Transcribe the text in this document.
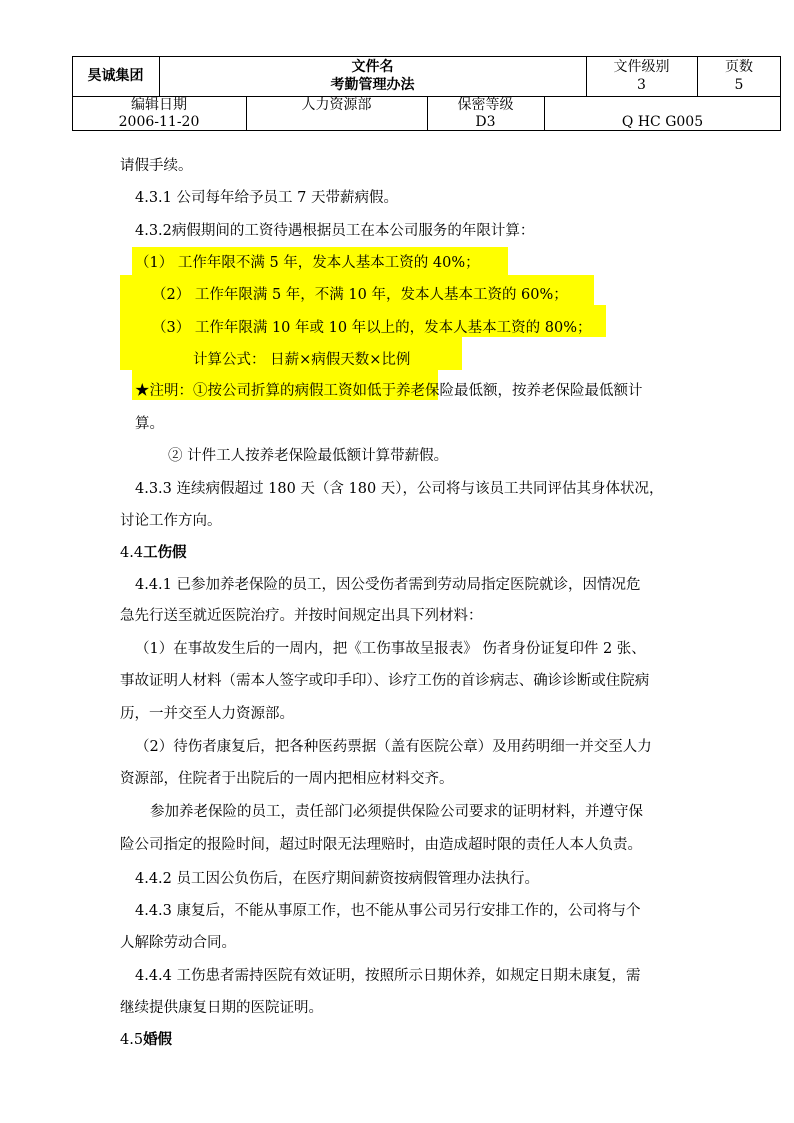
昊诚集团
文件名
考勤管理办法
文件级别
3
页数
5
编辑日期
2006-11-20
人力资源部	保密等级
D3	Q HC G005
请假手续。
4.3.1 公司每年给予员工 7 天带薪病假。
4.3.2病假期间的工资待遇根据员工在本公司服务的年限计算：
（1） 工作年限不满 5 年，发本人基本工资的 40%；
（2） 工作年限满 5 年，不满 10 年，发本人基本工资的 60%；
（3） 工作年限满 10 年或 10 年以上的，发本人基本工资的 80%；
计算公式： 日薪×病假天数×比例
★注明：①按公司折算的病假工资如低于养老保险最低额，按养老保险最低额计
算。
② 计件工人按养老保险最低额计算带薪假。
4.3.3 连续病假超过 180 天（含 180 天），公司将与该员工共同评估其身体状况，
讨论工作方向。
4.4工伤假
4.4.1 已参加养老保险的员工，因公受伤者需到劳动局指定医院就诊，因情况危
急先行送至就近医院治疗。并按时间规定出具下列材料：
（1）在事故发生后的一周内，把《工伤事故呈报表》 伤者身份证复印件 2 张、
事故证明人材料（需本人签字或印手印）、诊疗工伤的首诊病志、确诊诊断或住院病
历，一并交至人力资源部。
（2）待伤者康复后，把各种医药票据（盖有医院公章）及用药明细一并交至人力
资源部，住院者于出院后的一周内把相应材料交齐。
参加养老保险的员工，责任部门必须提供保险公司要求的证明材料，并遵守保
险公司指定的报险时间，超过时限无法理赔时，由造成超时限的责任人本人负责。
4.4.2 员工因公负伤后，在医疗期间薪资按病假管理办法执行。
4.4.3 康复后，不能从事原工作，也不能从事公司另行安排工作的，公司将与个
人解除劳动合同。
4.4.4 工伤患者需持医院有效证明，按照所示日期休养，如规定日期未康复，需
继续提供康复日期的医院证明。
4.5婚假
